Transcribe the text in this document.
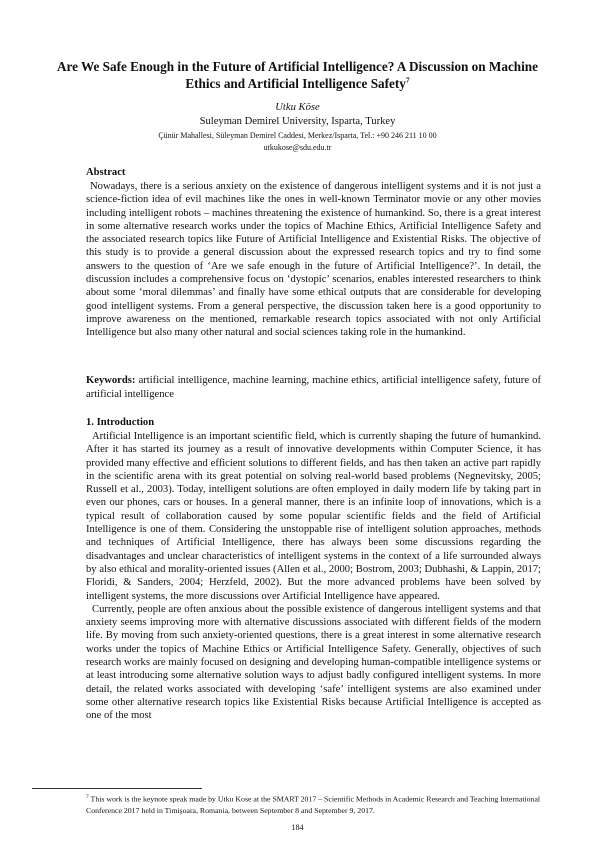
Are We Safe Enough in the Future of Artificial Intelligence? A Discussion on Machine Ethics and Artificial Intelligence Safety$^7$
Utku Köse
Suleyman Demirel University, Isparta, Turkey
Çünür Mahallesi, Süleyman Demirel Caddesi, Merkez/Isparta, Tel.: +90 246 211 10 00
utkukose@sdu.edu.tr
Abstract

Nowadays, there is a serious anxiety on the existence of dangerous intelligent systems and it is not just a science-fiction idea of evil machines like the ones in well-known Terminator movie or any other movies including intelligent robots – machines threatening the existence of humankind. So, there is a great interest in some alternative research works under the topics of Machine Ethics, Artificial Intelligence Safety and the associated research topics like Future of Artificial Intelligence and Existential Risks. The objective of this study is to provide a general discussion about the expressed research topics and try to find some answers to the question of ‘Are we safe enough in the future of Artificial Intelligence?’. In detail, the discussion includes a comprehensive focus on ‘dystopic’ scenarios, enables interested researchers to think about some ‘moral dilemmas’ and finally have some ethical outputs that are considerable for developing good intelligent systems. From a general perspective, the discussion taken here is a good opportunity to improve awareness on the mentioned, remarkable research topics associated with not only Artificial Intelligence but also many other natural and social sciences taking role in the humankind.

Keywords: artificial intelligence, machine learning, machine ethics, artificial intelligence safety, future of artificial intelligence
1. Introduction

Artificial Intelligence is an important scientific field, which is currently shaping the future of humankind. After it has started its journey as a result of innovative developments within Computer Science, it has provided many effective and efficient solutions to different fields, and has then taken an active part rapidly in the scientific arena with its great potential on solving real-world based problems (Negnevitsky, 2005; Russell et al., 2003). Today, intelligent solutions are often employed in daily modern life by taking part in even our phones, cars or houses. In a general manner, there is an infinite loop of innovations, which is a typical result of collaboration caused by some popular scientific fields and the field of Artificial Intelligence is one of them. Considering the unstoppable rise of intelligent solution approaches, methods and techniques of Artificial Intelligence, there has always been some discussions regarding the disadvantages and unclear characteristics of intelligent systems in the context of a life surrounded always by also ethical and morality-oriented issues (Allen et al., 2000; Bostrom, 2003; Dubhashi, & Lappin, 2017; Floridi, & Sanders, 2004; Herzfeld, 2002). But the more advanced problems have been solved by intelligent systems, the more discussions over Artificial Intelligence have appeared.

Currently, people are often anxious about the possible existence of dangerous intelligent systems and that anxiety seems improving more with alternative discussions associated with different fields of the modern life. By moving from such anxiety-oriented questions, there is a great interest in some alternative research works under the topics of Machine Ethics or Artificial Intelligence Safety. Generally, objectives of such research works are mainly focused on designing and developing human-compatible intelligence systems or at least introducing some alternative solution ways to adjust badly configured intelligent systems. In more detail, the related works associated with developing ‘safe’ intelligent systems are also examined under some other alternative research topics like Existential Risks because Artificial Intelligence is accepted as one of the most

$^7$ This work is the keynote speak made by Utku Kose at the SMART 2017 – Scientific Methods in Academic Research and Teaching International Conference 2017 held in Timişoara, Romania, between September 8 and September 9, 2017.
184
